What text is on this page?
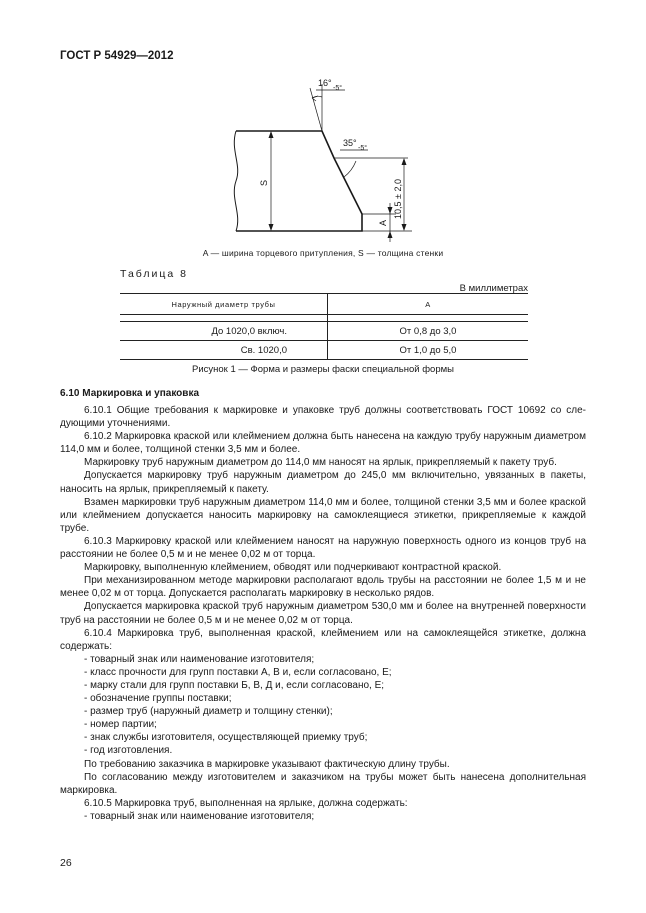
ГОСТ Р 54929—2012
16°
-5°
35°
-5°
S	10,5 ± 2,0
A
A — ширина торцевого притупления, S — толщина стенки
Таблица 8
В миллиметрах
Наружный диаметр трубы	A

До 1020,0 включ.	От 0,8 до 3,0
Св. 1020,0	От 1,0 до 5,0
Рисунок 1 — Форма и размеры фаски специальной формы
6.10 Маркировка и упаковка

6.10.1 Общие требования к маркировке и упаковке труб должны соответствовать ГОСТ 10692 со следующими уточнениями.

6.10.2 Маркировка краской или клеймением должна быть нанесена на каждую трубу наружным диаметром 114,0 мм и более, толщиной стенки 3,5 мм и более.

Маркировку труб наружным диаметром до 114,0 мм наносят на ярлык, прикрепляемый к пакету труб.

Допускается маркировку труб наружным диаметром до 245,0 мм включительно, увязанных в пакеты, наносить на ярлык, прикрепляемый к пакету.

Взамен маркировки труб наружным диаметром 114,0 мм и более, толщиной стенки 3,5 мм и более краской или клеймением допускается наносить маркировку на самоклеящиеся этикетки, прикрепляемые к каждой трубе.

6.10.3 Маркировку краской или клеймением наносят на наружную поверхность одного из концов труб на расстоянии не более 0,5 м и не менее 0,02 м от торца.

Маркировку, выполненную клеймением, обводят или подчеркивают контрастной краской.

При механизированном методе маркировки располагают вдоль трубы на расстоянии не более 1,5 м и не менее 0,02 м от торца. Допускается располагать маркировку в несколько рядов.

Допускается маркировка краской труб наружным диаметром 530,0 мм и более на внутренней поверхности труб на расстоянии не более 0,5 м и не менее 0,02 м от торца.

6.10.4 Маркировка труб, выполненная краской, клеймением или на самоклеящейся этикетке, должна содержать:

- товарный знак или наименование изготовителя;

- класс прочности для групп поставки А, В и, если согласовано, Е;

- марку стали для групп поставки Б, В, Д и, если согласовано, Е;

- обозначение группы поставки;

- размер труб (наружный диаметр и толщину стенки);

- номер партии;

- знак службы изготовителя, осуществляющей приемку труб;

- год изготовления.

По требованию заказчика в маркировке указывают фактическую длину трубы.

По согласованию между изготовителем и заказчиком на трубы может быть нанесена дополнительная маркировка.

6.10.5 Маркировка труб, выполненная на ярлыке, должна содержать:

- товарный знак или наименование изготовителя;

26
